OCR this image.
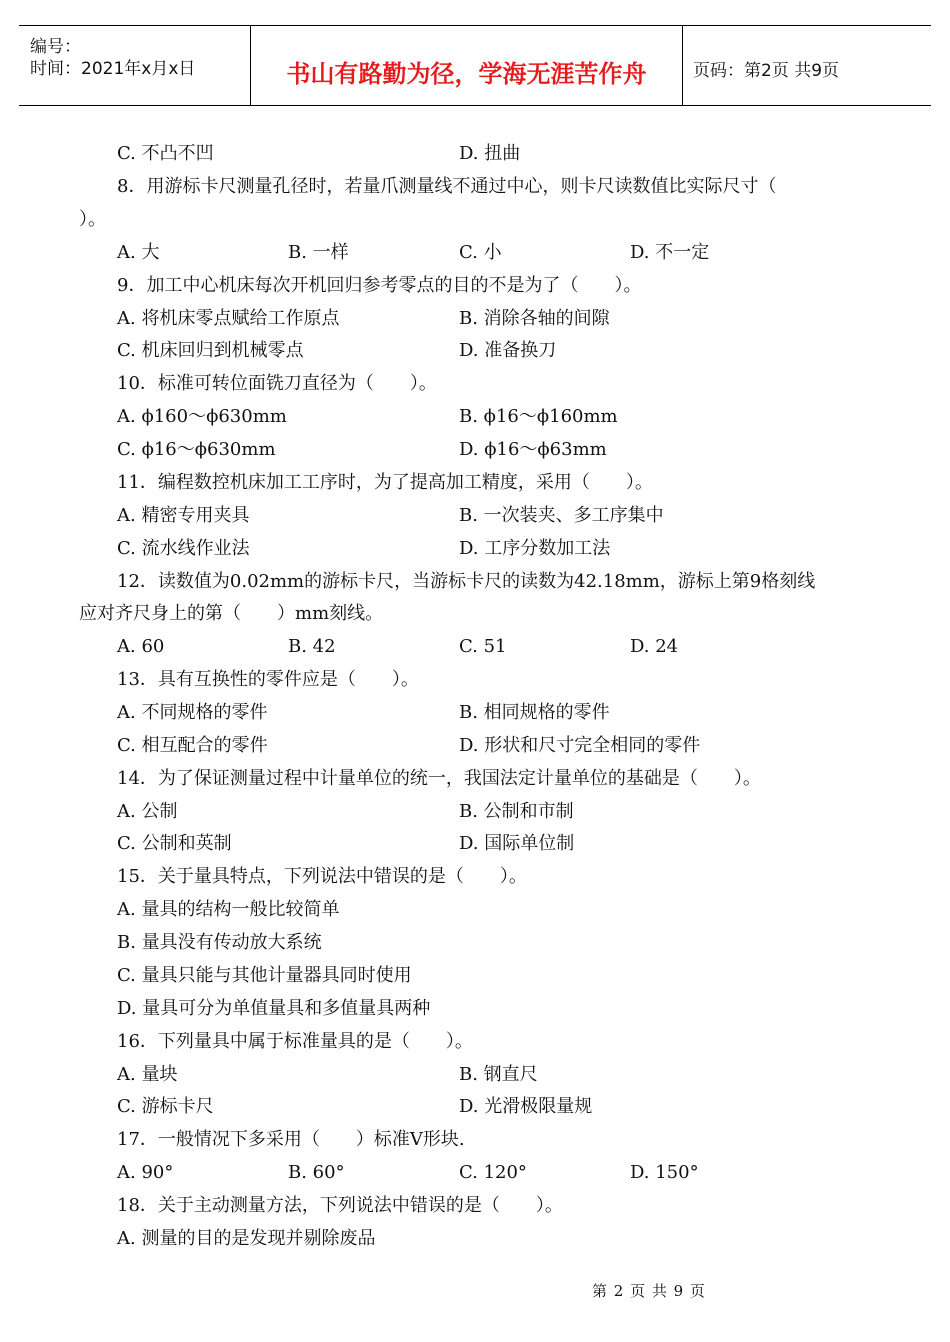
编号：
时间：2021年x月x日	书山有路勤为径，学海无涯苦作舟	页码：第2页 共9页
C. 不凸不凹	D. 扭曲
8．用游标卡尺测量孔径时，若量爪测量线不通过中心，则卡尺读数值比实际尺寸（
）。
A. 大	B. 一样	C. 小	D. 不一定
9．加工中心机床每次开机回归参考零点的目的不是为了（　　）。
A. 将机床零点赋给工作原点	B. 消除各轴的间隙
C. 机床回归到机械零点	D. 准备换刀
10．标准可转位面铣刀直径为（　　）。
A. ϕ160～ϕ630mm	B. ϕ16～ϕ160mm
C. ϕ16～ϕ630mm	D. ϕ16～ϕ63mm
11．编程数控机床加工工序时，为了提高加工精度，采用（　　）。
A. 精密专用夹具	B. 一次装夹、多工序集中
C. 流水线作业法	D. 工序分数加工法
12．读数值为0.02mm的游标卡尺，当游标卡尺的读数为42.18mm，游标上第9格刻线
应对齐尺身上的第（　　）mm刻线。
A. 60	B. 42	C. 51	D. 24
13．具有互换性的零件应是（　　）。
A. 不同规格的零件	B. 相同规格的零件
C. 相互配合的零件	D. 形状和尺寸完全相同的零件
14．为了保证测量过程中计量单位的统一，我国法定计量单位的基础是（　　）。
A. 公制	B. 公制和市制
C. 公制和英制	D. 国际单位制
15．关于量具特点，下列说法中错误的是（　　）。
A. 量具的结构一般比较简单
B. 量具没有传动放大系统
C. 量具只能与其他计量器具同时使用
D. 量具可分为单值量具和多值量具两种
16．下列量具中属于标准量具的是（　　）。
A. 量块	B. 钢直尺
C. 游标卡尺	D. 光滑极限量规
17．一般情况下多采用（　　）标准V形块.
A. 90°	B. 60°	C. 120°	D. 150°
18．关于主动测量方法，下列说法中错误的是（　　）。
A. 测量的目的是发现并剔除废品
第 2 页 共 9 页
